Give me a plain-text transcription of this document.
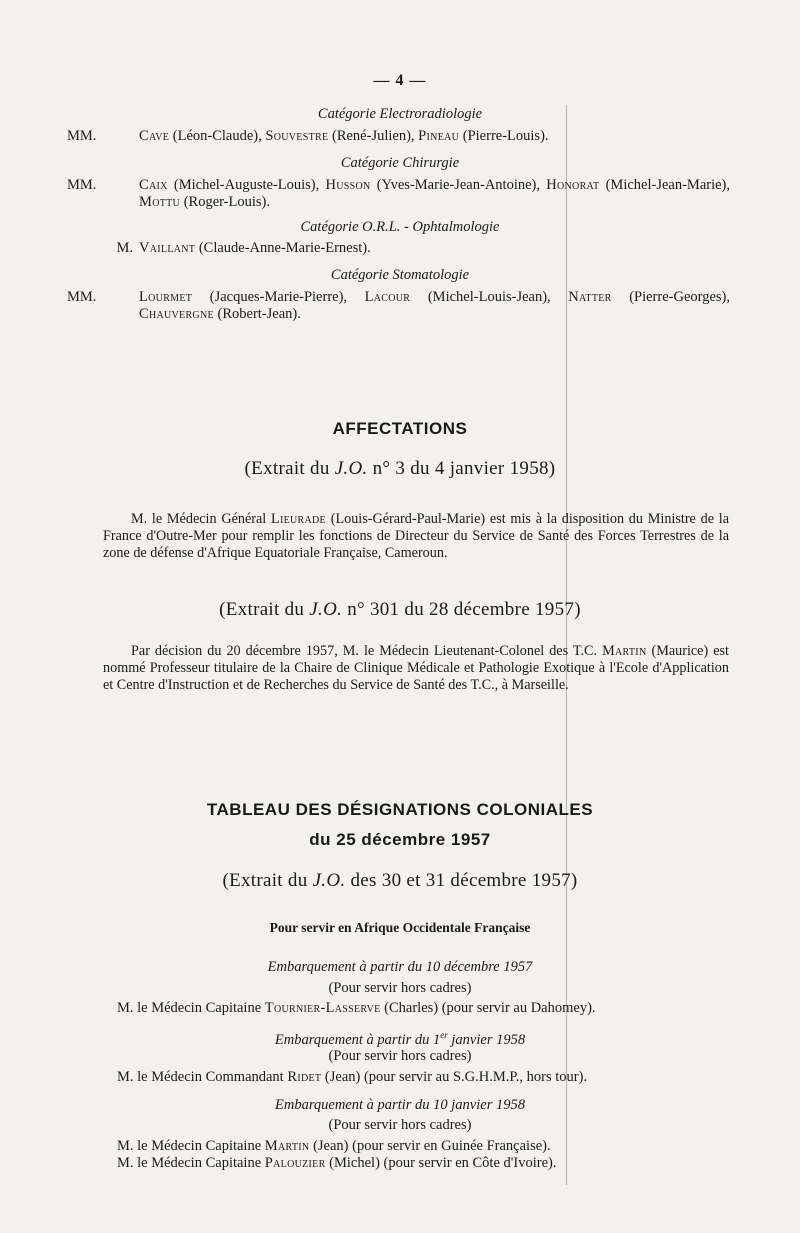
— 4 —
Catégorie Electroradiologie
MM.	Cave (Léon-Claude), Souvestre (René-Julien), Pineau (Pierre-Louis).
Catégorie Chirurgie
MM.	Caix (Michel-Auguste-Louis), Husson (Yves-Marie-Jean-Antoine), Honorat (Michel-Jean-Marie), Mottu (Roger-Louis).
Catégorie O.R.L. - Ophtalmologie
M. Vaillant (Claude-Anne-Marie-Ernest).
Catégorie Stomatologie
MM.	Lourmet (Jacques-Marie-Pierre), Lacour (Michel-Louis-Jean), Natter (Pierre-Georges), Chauvergne (Robert-Jean).
AFFECTATIONS
(Extrait du J.O. n° 3 du 4 janvier 1958)

M. le Médecin Général Lieurade (Louis-Gérard-Paul-Marie) est mis à la disposition du Ministre de la France d'Outre-Mer pour remplir les fonctions de Directeur du Service de Santé des Forces Terrestres de la zone de défense d'Afrique Equatoriale Française, Cameroun.

(Extrait du J.O. n° 301 du 28 décembre 1957)

Par décision du 20 décembre 1957, M. le Médecin Lieutenant-Colonel des T.C. Martin (Maurice) est nommé Professeur titulaire de la Chaire de Clinique Médicale et Pathologie Exotique à l'Ecole d'Application et Centre d'Instruction et de Recherches du Service de Santé des T.C., à Marseille.

TABLEAU DES DÉSIGNATIONS COLONIALES
du 25 décembre 1957
(Extrait du J.O. des 30 et 31 décembre 1957)
Pour servir en Afrique Occidentale Française
Embarquement à partir du 10 décembre 1957
(Pour servir hors cadres)
M. le Médecin Capitaine Tournier-Lasserve (Charles) (pour servir au Dahomey).
Embarquement à partir du 1er janvier 1958
(Pour servir hors cadres)
M. le Médecin Commandant Ridet (Jean) (pour servir au S.G.H.M.P., hors tour).
Embarquement à partir du 10 janvier 1958
(Pour servir hors cadres)
M. le Médecin Capitaine Martin (Jean) (pour servir en Guinée Française).
M. le Médecin Capitaine Palouzier (Michel) (pour servir en Côte d'Ivoire).
